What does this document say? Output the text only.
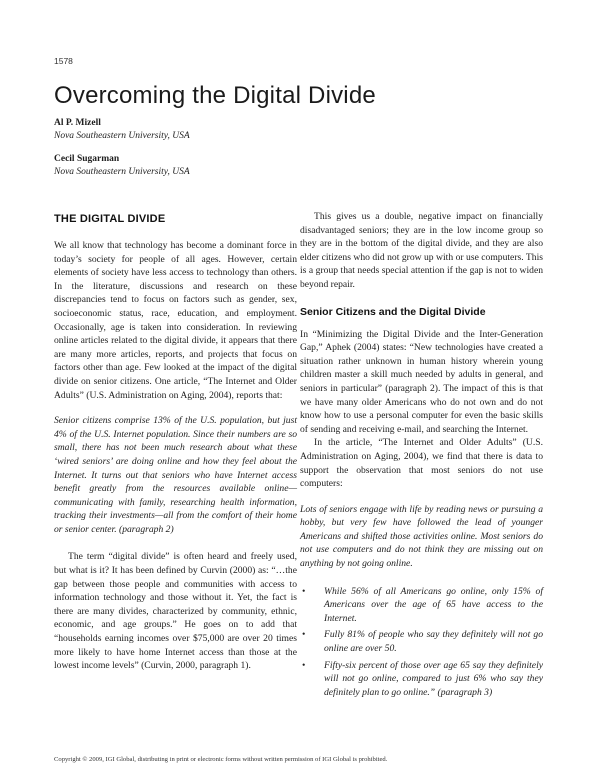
1578
Overcoming the Digital Divide
Al P. Mizell
Nova Southeastern University, USA
Cecil Sugarman
Nova Southeastern University, USA
THE DIGITAL DIVIDE

We all know that technology has become a dominant force in today’s society for people of all ages. However, certain elements of society have less access to technology than others. In the literature, discussions and research on these discrepancies tend to focus on factors such as gender, sex, socioeconomic status, race, education, and employment. Occasionally, age is taken into consideration. In reviewing online articles related to the digital divide, it appears that there are many more articles, reports, and projects that focus on factors other than age. Few looked at the impact of the digital divide on senior citizens. One article, “The Internet and Older Adults” (U.S. Administration on Aging, 2004), reports that:

Senior citizens comprise 13% of the U.S. population, but just 4% of the U.S. Internet population. Since their numbers are so small, there has not been much research about what these ‘wired seniors’ are doing online and how they feel about the Internet. It turns out that seniors who have Internet access benefit greatly from the resources available online—communicating with family, researching health information, tracking their investments—all from the comfort of their home or senior center. (paragraph 2)

The term “digital divide” is often heard and freely used, but what is it? It has been defined by Curvin (2000) as: “…the gap between those people and communities with access to information technology and those without it. Yet, the fact is there are many divides, characterized by community, ethnic, economic, and age groups.” He goes on to add that “households earning incomes over $75,000 are over 20 times more likely to have home Internet access than those at the lowest income levels” (Curvin, 2000, paragraph 1).

This gives us a double, negative impact on financially disadvantaged seniors; they are in the low income group so they are in the bottom of the digital divide, and they are also elder citizens who did not grow up with or use computers. This is a group that needs special attention if the gap is not to widen beyond repair.

Senior Citizens and the Digital Divide

In “Minimizing the Digital Divide and the Inter-Generation Gap,” Aphek (2004) states: “New technologies have created a situation rather unknown in human history wherein young children master a skill much needed by adults in general, and seniors in particular” (paragraph 2). The impact of this is that we have many older Americans who do not own and do not know how to use a personal computer for even the basic skills of sending and receiving e-mail, and searching the Internet.

In the article, “The Internet and Older Adults” (U.S. Administration on Aging, 2004), we find that there is data to support the observation that most seniors do not use computers:

Lots of seniors engage with life by reading news or pursuing a hobby, but very few have followed the lead of younger Americans and shifted those activities online. Most seniors do not use computers and do not think they are missing out on anything by not going online.

• While 56% of all Americans go online, only 15% of Americans over the age of 65 have access to the Internet.
• Fully 81% of people who say they definitely will not go online are over 50.
• Fifty-six percent of those over age 65 say they definitely will not go online, compared to just 6% who say they definitely plan to go online.” (paragraph 3)
Copyright © 2009, IGI Global, distributing in print or electronic forms without written permission of IGI Global is prohibited.
